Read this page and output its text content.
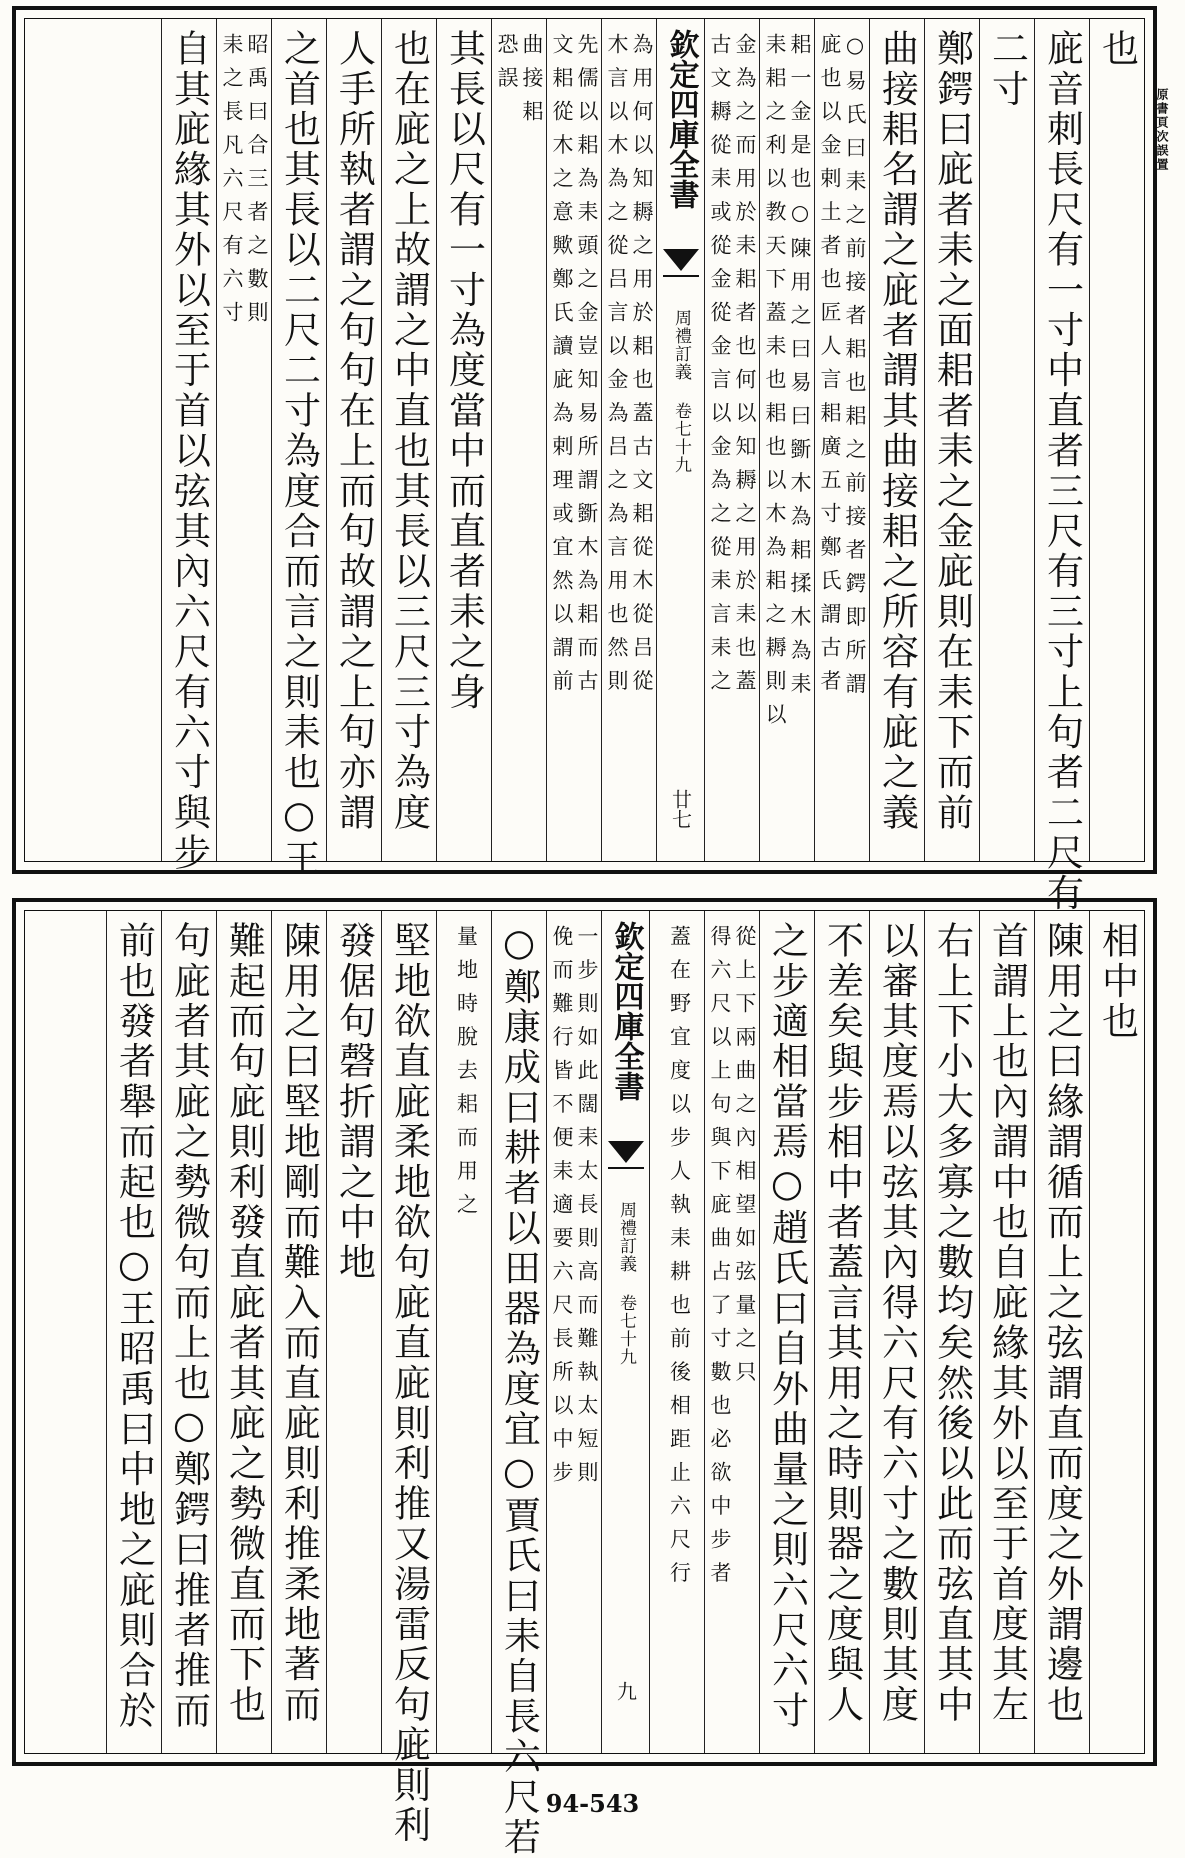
原書頁次誤置
也
庛音刺長尺有一寸中直者三尺有三寸上句者二尺有
二寸
鄭鍔曰庛者耒之面耜者耒之金庛則在耒下而前
曲接耜名謂之庛者謂其曲接耜之所容有庛之義
○易氏曰耒之前接者耜也耜之前接者鍔即所謂
庛也以金剌土者也匠人言耜廣五寸鄭氏謂古者
耜一金是也○陳用之曰易曰斵木為耜揉木為耒
耒耜之利以教天下蓋耒也耜也以木為耜之耨則以
金為之而用於耒耜者也何以知耨之用於耒也蓋
古文耨從耒或從金從金言以金為之從耒言耒之
欽定四庫全書
周禮訂義 卷七十九
廿七
為用何以知耨之用於耜也蓋古文耜從木從吕從
木言以木為之從吕言以金為吕之為言用也然則
先儒以耜為耒頭之金豈知易所謂斵木為耜而古
文耜從木之意歟鄭氏讀庛為剌理或宜然以謂前
曲接耜
恐誤
其長以尺有一寸為度當中而直者耒之身
也在庛之上故謂之中直也其長以三尺三寸為度
人手所執者謂之句句在上而句故謂之上句亦謂
之首也其長以二尺二寸為度合而言之則耒也○王
昭禹曰合三者之數則
耒之長凡六尺有六寸
自其庛緣其外以至于首以弦其內六尺有六寸與步
相中也
陳用之曰緣謂循而上之弦謂直而度之外謂邊也
首謂上也內謂中也自庛緣其外以至于首度其左
右上下小大多寡之數均矣然後以此而弦直其中
以審其度焉以弦其內得六尺有六寸之數則其度
不差矣與步相中者蓋言其用之時則器之度與人
之步適相當焉○趙氏曰自外曲量之則六尺六寸
從上下兩曲之內相望如弦量之只
得六尺以上句與下庛曲占了寸數也必欲中步者
蓋在野宜度以步人執耒耕也前後相距止六尺行
欽定四庫全書
周禮訂義 卷七十九
九
一步則如此闊耒太長則高而難執太短則
俛而難行皆不便耒適要六尺長所以中步
○鄭康成曰耕者以田器為度宜○賈氏曰耒自長六尺若
量地時脫去耜而用之
堅地欲直庛柔地欲句庛直庛則利推又湯雷反句庛則利
發倨句磬折謂之中地
陳用之曰堅地剛而難入而直庛則利推柔地著而
難起而句庛則利發直庛者其庛之勢微直而下也
句庛者其庛之勢微句而上也○鄭鍔曰推者推而
前也發者舉而起也○王昭禹曰中地之庛則合於
94-543
